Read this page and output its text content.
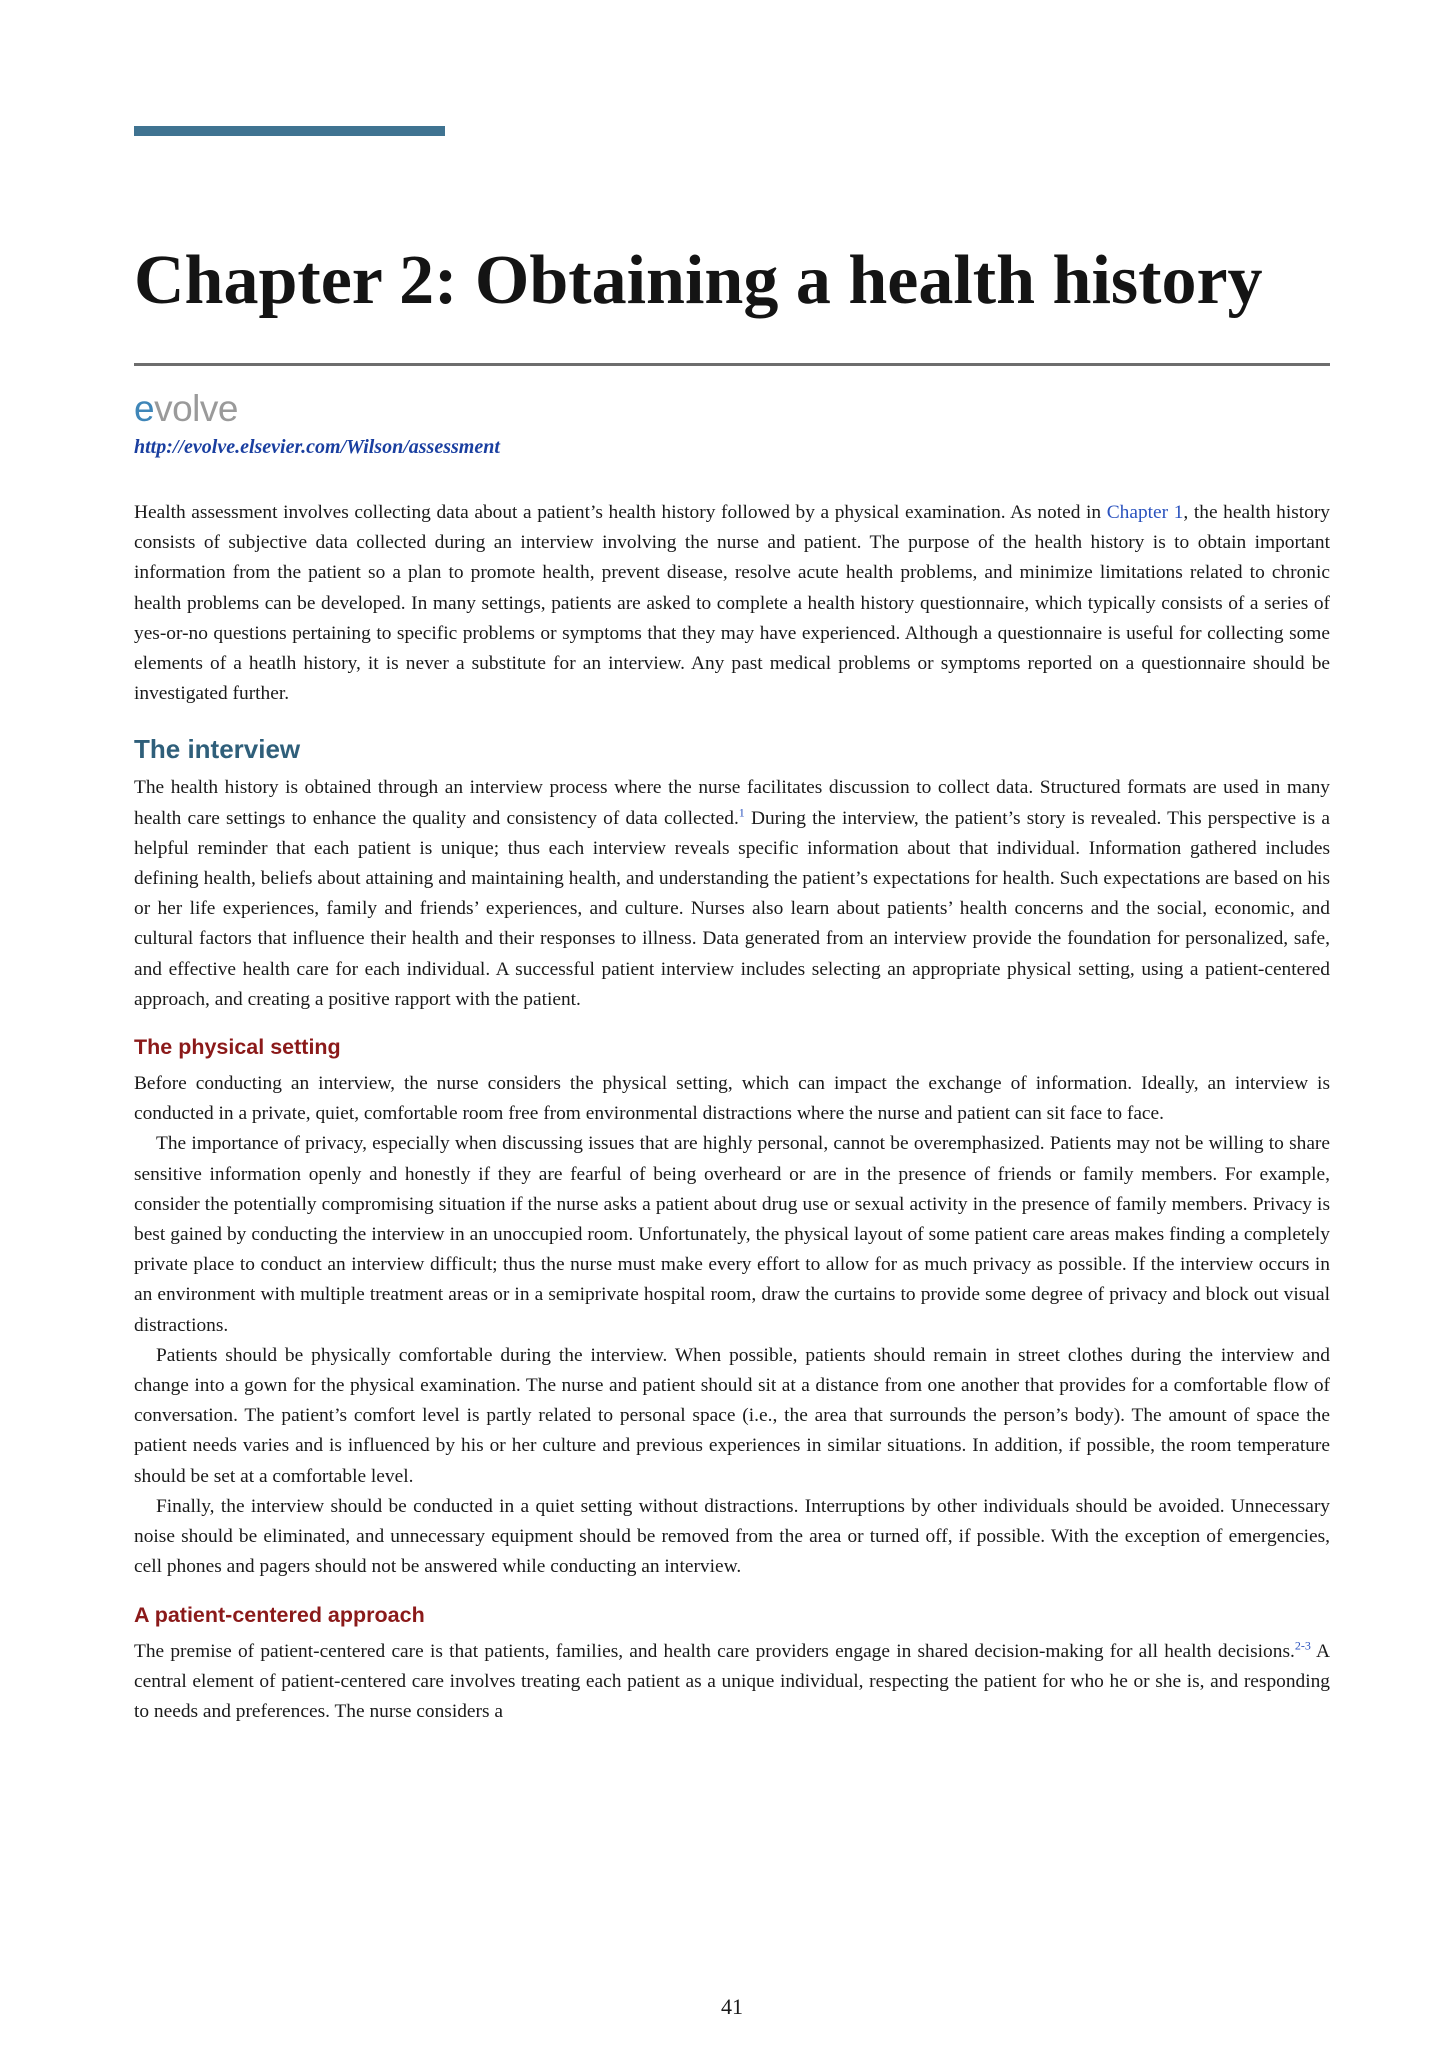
Chapter 2: Obtaining a health history
evolve
http://evolve.elsevier.com/Wilson/assessment

Health assessment involves collecting data about a patient’s health history followed by a physical examination. As noted in Chapter 1, the health history consists of subjective data collected during an interview involving the nurse and patient. The purpose of the health history is to obtain important information from the patient so a plan to promote health, prevent disease, resolve acute health problems, and minimize limitations related to chronic health problems can be developed. In many settings, patients are asked to complete a health history questionnaire, which typically consists of a series of yes-or-no questions pertaining to specific problems or symptoms that they may have experienced. Although a questionnaire is useful for collecting some elements of a heatlh history, it is never a substitute for an interview. Any past medical problems or symptoms reported on a questionnaire should be investigated further.

The interview

The health history is obtained through an interview process where the nurse facilitates discussion to collect data. Structured formats are used in many health care settings to enhance the quality and consistency of data collected.$^1$ During the interview, the patient’s story is revealed. This perspective is a helpful reminder that each patient is unique; thus each interview reveals specific information about that individual. Information gathered includes defining health, beliefs about attaining and maintaining health, and understanding the patient’s expectations for health. Such expectations are based on his or her life experiences, family and friends’ experiences, and culture. Nurses also learn about patients’ health concerns and the social, economic, and cultural factors that influence their health and their responses to illness. Data generated from an interview provide the foundation for personalized, safe, and effective health care for each individual. A successful patient interview includes selecting an appropriate physical setting, using a patient-centered approach, and creating a positive rapport with the patient.

The physical setting

Before conducting an interview, the nurse considers the physical setting, which can impact the exchange of information. Ideally, an interview is conducted in a private, quiet, comfortable room free from environmental distractions where the nurse and patient can sit face to face.

The importance of privacy, especially when discussing issues that are highly personal, cannot be overemphasized. Patients may not be willing to share sensitive information openly and honestly if they are fearful of being overheard or are in the presence of friends or family members. For example, consider the potentially compromising situation if the nurse asks a patient about drug use or sexual activity in the presence of family members. Privacy is best gained by conducting the interview in an unoccupied room. Unfortunately, the physical layout of some patient care areas makes finding a completely private place to conduct an interview difficult; thus the nurse must make every effort to allow for as much privacy as possible. If the interview occurs in an environment with multiple treatment areas or in a semiprivate hospital room, draw the curtains to provide some degree of privacy and block out visual distractions.

Patients should be physically comfortable during the interview. When possible, patients should remain in street clothes during the interview and change into a gown for the physical examination. The nurse and patient should sit at a distance from one another that provides for a comfortable flow of conversation. The patient’s comfort level is partly related to personal space (i.e., the area that surrounds the person’s body). The amount of space the patient needs varies and is influenced by his or her culture and previous experiences in similar situations. In addition, if possible, the room temperature should be set at a comfortable level.

Finally, the interview should be conducted in a quiet setting without distractions. Interruptions by other individuals should be avoided. Unnecessary noise should be eliminated, and unnecessary equipment should be removed from the area or turned off, if possible. With the exception of emergencies, cell phones and pagers should not be answered while conducting an interview.

A patient-centered approach

The premise of patient-centered care is that patients, families, and health care providers engage in shared decision-making for all health decisions.$^{2-3}$ A central element of patient-centered care involves treating each patient as a unique individual, respecting the patient for who he or she is, and responding to needs and preferences. The nurse considers a

41
